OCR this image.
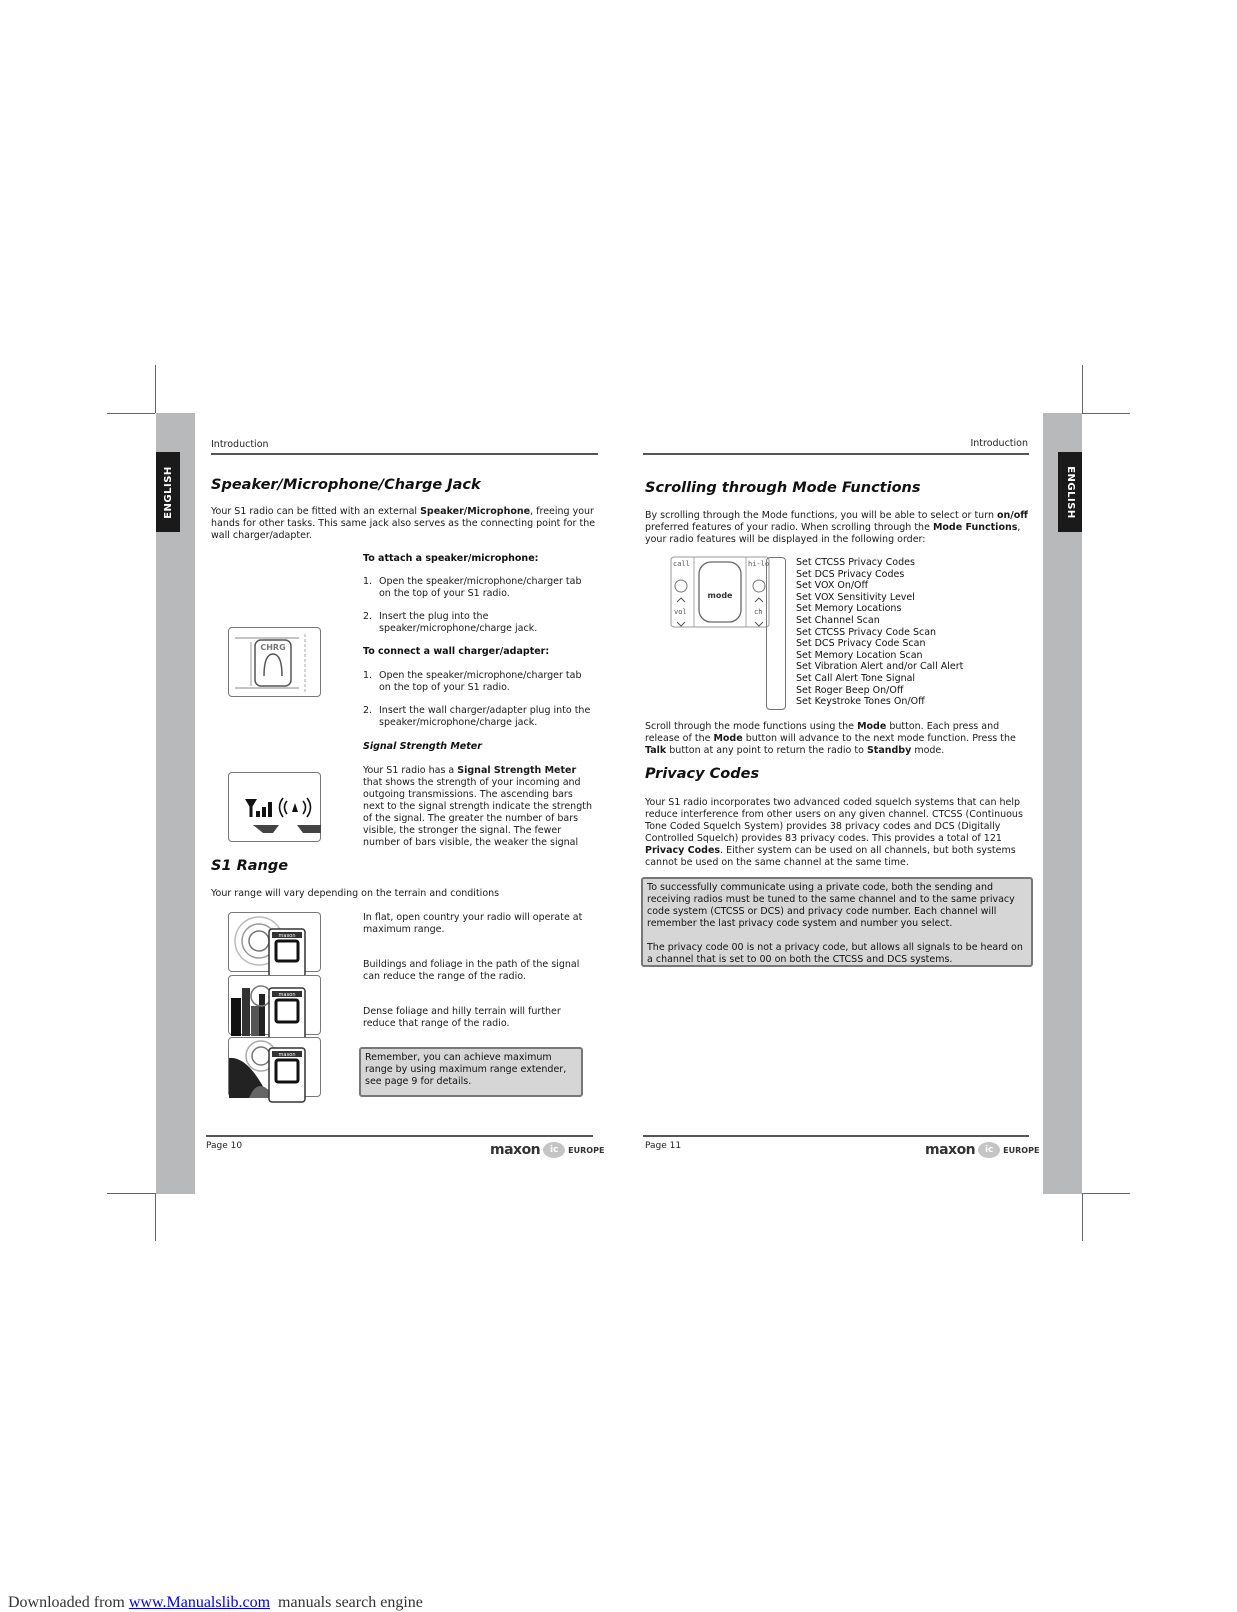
ENGLISH	ENGLISH
Introduction
Speaker/Microphone/Charge Jack
Your S1 radio can be fitted with an external Speaker/Microphone, freeing your hands for other tasks. This same jack also serves as the connecting point for the wall charger/adapter.
To attach a speaker/microphone:
1. Open the speaker/microphone/charger tab on the top of your S1 radio.
2. Insert the plug into the speaker/microphone/charge jack.
CHRG	To connect a wall charger/adapter:
1. Open the speaker/microphone/charger tab on the top of your S1 radio.
2. Insert the wall charger/adapter plug into the speaker/microphone/charge jack.
Signal Strength Meter
Your S1 radio has a Signal Strength Meter that shows the strength of your incoming and outgoing transmissions. The ascending bars next to the signal strength indicate the strength of the signal. The greater the number of bars visible, the stronger the signal. The fewer number of bars visible, the weaker the signal
S1 Range
Your range will vary depending on the terrain and conditions
maxon
maxon
maxon
In flat, open country your radio will operate at maximum range.
Buildings and foliage in the path of the signal can reduce the range of the radio.
Dense foliage and hilly terrain will further reduce that range of the radio.
Remember, you can achieve maximum range by using maximum range extender, see page 9 for details.
Page 10	maxon	ic	EUROPE
Introduction
Scrolling through Mode Functions
By scrolling through the Mode functions, you will be able to select or turn on/off preferred features of your radio. When scrolling through the Mode Functions, your radio features will be displayed in the following order:
mode
call	hi-lo
vol	ch
Set CTCSS Privacy Codes
Set DCS Privacy Codes
Set VOX On/Off
Set VOX Sensitivity Level
Set Memory Locations
Set Channel Scan
Set CTCSS Privacy Code Scan
Set DCS Privacy Code Scan
Set Memory Location Scan
Set Vibration Alert and/or Call Alert
Set Call Alert Tone Signal
Set Roger Beep On/Off
Set Keystroke Tones On/Off
Scroll through the mode functions using the Mode button. Each press and release of the Mode button will advance to the next mode function. Press the Talk button at any point to return the radio to Standby mode.
Privacy Codes
Your S1 radio incorporates two advanced coded squelch systems that can help reduce interference from other users on any given channel. CTCSS (Continuous Tone Coded Squelch System) provides 38 privacy codes and DCS (Digitally Controlled Squelch) provides 83 privacy codes. This provides a total of 121 Privacy Codes. Either system can be used on all channels, but both systems cannot be used on the same channel at the same time.

To successfully communicate using a private code, both the sending and receiving radios must be tuned to the same channel and to the same privacy code system (CTCSS or DCS) and privacy code number. Each channel will remember the last privacy code system and number you select.

The privacy code 00 is not a privacy code, but allows all signals to be heard on a channel that is set to 00 on both the CTCSS and DCS systems.

Page 11	maxon	ic	EUROPE

Downloaded from www.Manualslib.com  manuals search engine
